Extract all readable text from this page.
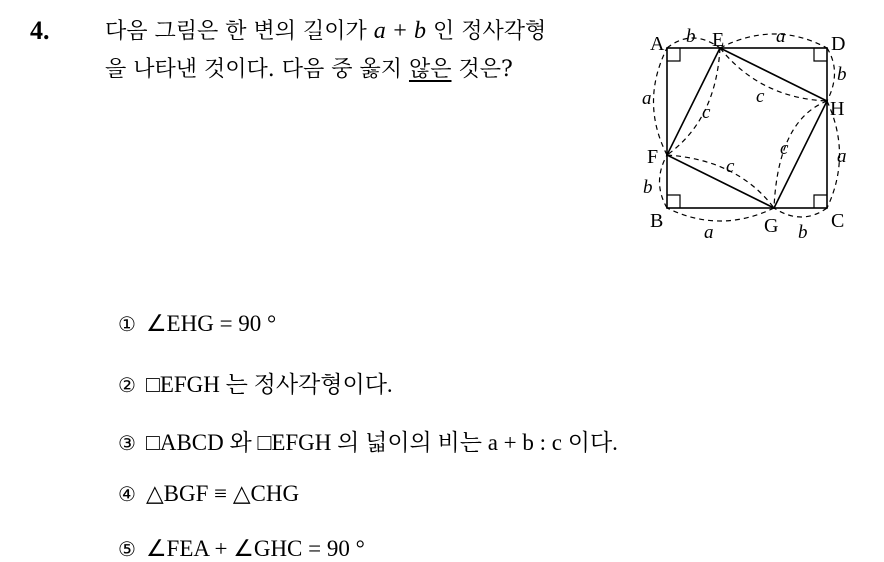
4.	다음 그림은 한 변의 길이가 a + b 인 정사각형
을 나타낸 것이다. 다음 중 옳지 않은 것은?
A
B	C
D
E
F
G
H
b	a
b
a
a	b
a
b
c
c
c
c
① ∠EHG = 90 °
② □EFGH 는 정사각형이다.
③ □ABCD 와 □EFGH 의 넓이의 비는 a + b : c 이다.
④ △BGF ≡ △CHG
⑤ ∠FEA + ∠GHC = 90 °
